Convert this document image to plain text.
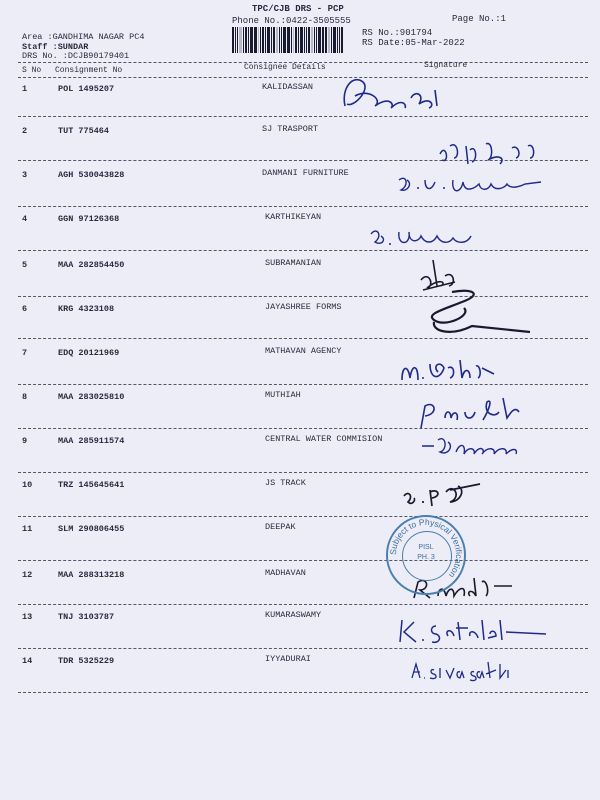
TPC/CJB DRS - PCP
Phone No.:0422-3505555	Page No.:1
Area :GANDHIMA NAGAR PC4
Staff :SUNDAR
DRS No. :DCJB90179401
RS No.:901794
RS Date:05-Mar-2022
S No Consignment No	Consignee Details	Signature
1	POL 1495207	KALIDASSAN
2	TUT 775464	SJ TRASPORT
3	AGH 530043828	DANMANI FURNITURE
4	GGN 97126368	KARTHIKEYAN
5	MAA 282854450	SUBRAMANIAN
6	KRG 4323108	JAYASHREE FORMS
7	EDQ 20121969	MATHAVAN AGENCY
8	MAA 283025810	MUTHIAH
9	MAA 285911574	CENTRAL WATER COMMISION
10	TRZ 145645641	JS TRACK
11	SLM 290806455	DEEPAK
12	MAA 288313218	MADHAVAN
13	TNJ 3103787	KUMARASWAMY
14	TDR 5325229	IYYADURAI
Subject to Physical Verification
PISL
PH. 3
